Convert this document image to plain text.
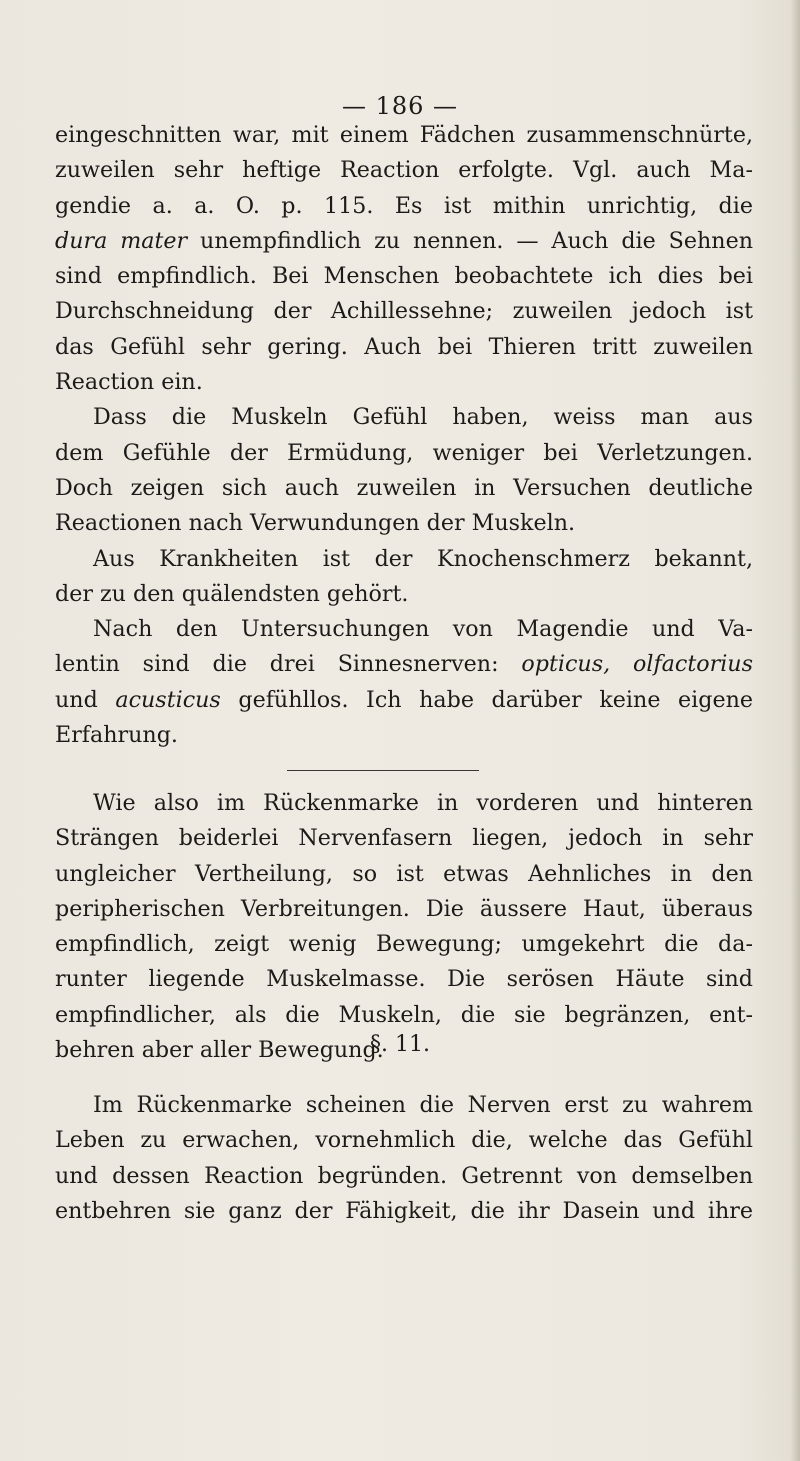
— 186 —

eingeschnitten war, mit einem Fädchen zusammenschnürte,

zuweilen sehr heftige Reaction erfolgte. Vgl. auch Ma-

gendie a. a. O. p. 115. Es ist mithin unrichtig, die

dura mater unempfindlich zu nennen. — Auch die Sehnen

sind empfindlich. Bei Menschen beobachtete ich dies bei

Durchschneidung der Achillessehne; zuweilen jedoch ist

das Gefühl sehr gering. Auch bei Thieren tritt zuweilen

Reaction ein.

Dass die Muskeln Gefühl haben, weiss man aus

dem Gefühle der Ermüdung, weniger bei Verletzungen.

Doch zeigen sich auch zuweilen in Versuchen deutliche

Reactionen nach Verwundungen der Muskeln.

Aus Krankheiten ist der Knochenschmerz bekannt,

der zu den quälendsten gehört.

Nach den Untersuchungen von Magendie und Va-

lentin sind die drei Sinnesnerven: opticus, olfactorius

und acusticus gefühllos. Ich habe darüber keine eigene

Erfahrung.

Wie also im Rückenmarke in vorderen und hinteren

Strängen beiderlei Nervenfasern liegen, jedoch in sehr

ungleicher Vertheilung, so ist etwas Aehnliches in den

peripherischen Verbreitungen. Die äussere Haut, überaus

empfindlich, zeigt wenig Bewegung; umgekehrt die da-

runter liegende Muskelmasse. Die serösen Häute sind

empfindlicher, als die Muskeln, die sie begränzen, ent-

behren aber aller Bewegung.

§. 11.

Im Rückenmarke scheinen die Nerven erst zu wahrem

Leben zu erwachen, vornehmlich die, welche das Gefühl

und dessen Reaction begründen. Getrennt von demselben

entbehren sie ganz der Fähigkeit, die ihr Dasein und ihre
